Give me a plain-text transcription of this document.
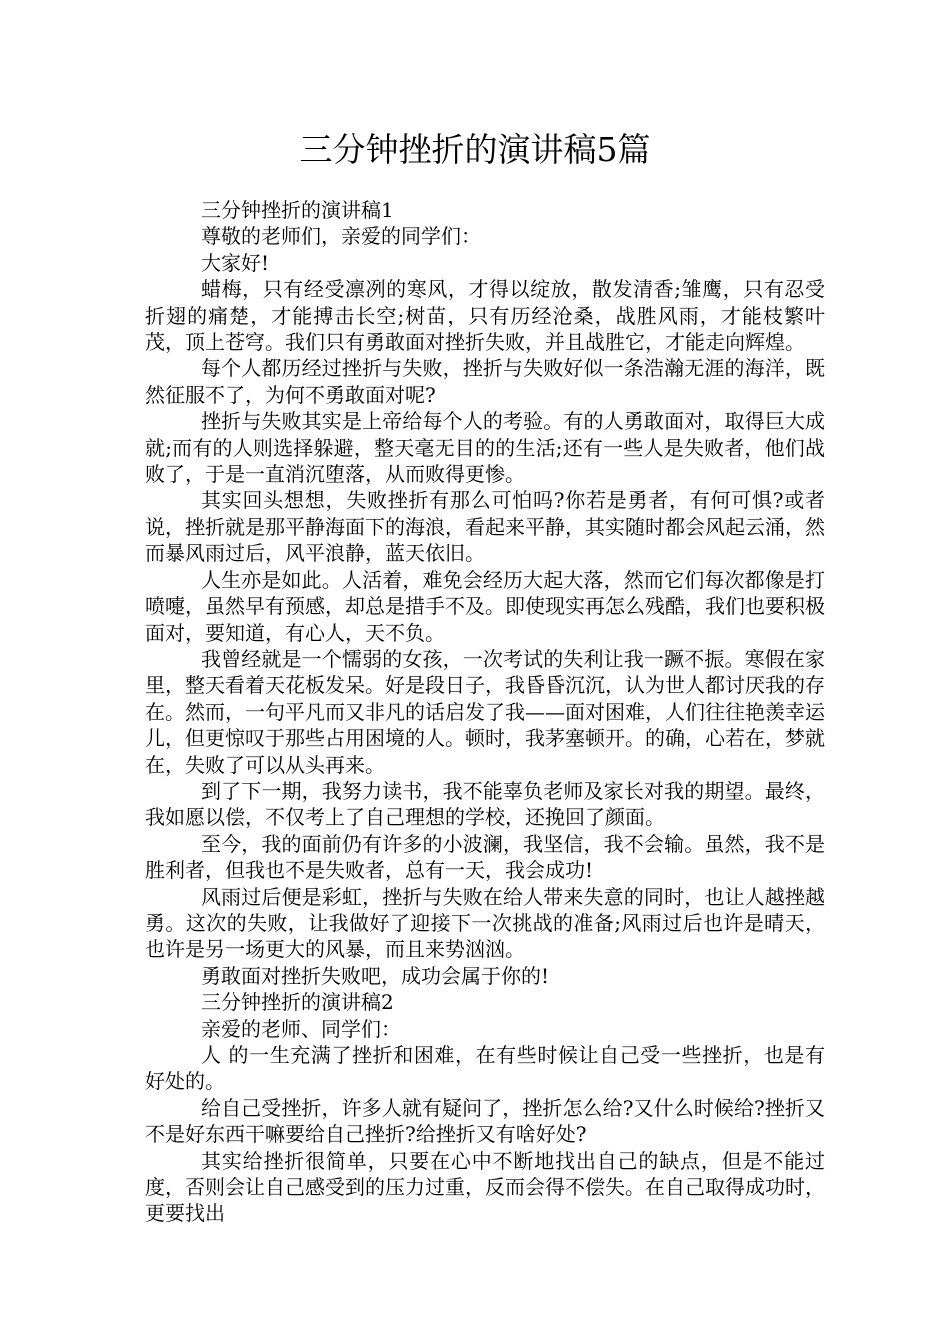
三分钟挫折的演讲稿5篇

三分钟挫折的演讲稿1

尊敬的老师们，亲爱的同学们：

大家好!

蜡梅，只有经受凛冽的寒风，才得以绽放，散发清香;雏鹰，只有忍受折翅的痛楚，才能搏击长空;树苗，只有历经沧桑，战胜风雨，才能枝繁叶茂，顶上苍穹。我们只有勇敢面对挫折失败，并且战胜它，才能走向辉煌。

每个人都历经过挫折与失败，挫折与失败好似一条浩瀚无涯的海洋，既然征服不了，为何不勇敢面对呢?

挫折与失败其实是上帝给每个人的考验。有的人勇敢面对，取得巨大成就;而有的人则选择躲避，整天毫无目的的生活;还有一些人是失败者，他们战败了，于是一直消沉堕落，从而败得更惨。

其实回头想想，失败挫折有那么可怕吗?你若是勇者，有何可惧?或者说，挫折就是那平静海面下的海浪，看起来平静，其实随时都会风起云涌，然而暴风雨过后，风平浪静，蓝天依旧。

人生亦是如此。人活着，难免会经历大起大落，然而它们每次都像是打喷嚏，虽然早有预感，却总是措手不及。即使现实再怎么残酷，我们也要积极面对，要知道，有心人，天不负。

我曾经就是一个懦弱的女孩，一次考试的失利让我一蹶不振。寒假在家里，整天看着天花板发呆。好是段日子，我昏昏沉沉，认为世人都讨厌我的存在。然而，一句平凡而又非凡的话启发了我——面对困难，人们往往艳羡幸运儿，但更惊叹于那些占用困境的人。顿时，我茅塞顿开。的确，心若在，梦就在，失败了可以从头再来。

到了下一期，我努力读书，我不能辜负老师及家长对我的期望。最终，我如愿以偿，不仅考上了自己理想的学校，还挽回了颜面。

至今，我的面前仍有许多的小波澜，我坚信，我不会输。虽然，我不是胜利者，但我也不是失败者，总有一天，我会成功!

风雨过后便是彩虹，挫折与失败在给人带来失意的同时，也让人越挫越勇。这次的失败，让我做好了迎接下一次挑战的准备;风雨过后也许是晴天，也许是另一场更大的风暴，而且来势汹汹。

勇敢面对挫折失败吧，成功会属于你的!

三分钟挫折的演讲稿2

亲爱的老师、同学们：

人 的一生充满了挫折和困难，在有些时候让自己受一些挫折，也是有好处的。

给自己受挫折，许多人就有疑问了，挫折怎么给?又什么时候给?挫折又不是好东西干嘛要给自己挫折?给挫折又有啥好处?

其实给挫折很简单，只要在心中不断地找出自己的缺点，但是不能过度，否则会让自己感受到的压力过重，反而会得不偿失。在自己取得成功时，更要找出
